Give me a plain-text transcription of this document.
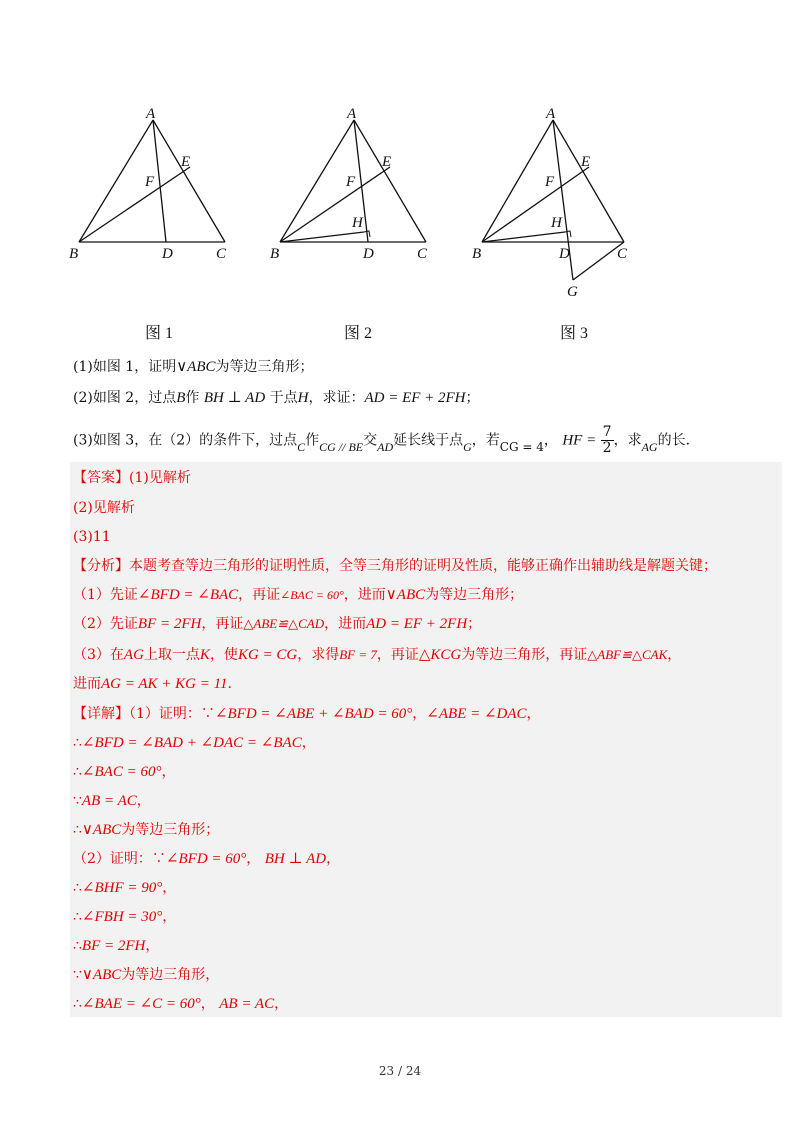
A
B	C
D
E
F
A
B	C
D
E
F
H
A
B	C
D
E
F
H
G
图 1	图 2	图 3
(1)如图 1，证明∨ABC为等边三角形；
(2)如图 2，过点B作 BH ⊥ AD 于点H，求证：AD = EF + 2FH；
(3)如图 3，在（2）的条件下，过点C作CG // BE交AD延长线于点G，若CG = 4， HF = $\frac{7}{2}$ ，求AG的长.
【答案】(1)见解析
(2)见解析
(3)11
【分析】本题考查等边三角形的证明性质，全等三角形的证明及性质，能够正确作出辅助线是解题关键；
（1）先证∠BFD = ∠BAC，再证∠BAC = 60°，进而∨ABC为等边三角形；
（2）先证BF = 2FH，再证△ABE≌△CAD，进而AD = EF + 2FH；
（3）在AG上取一点K，使KG = CG，求得BF = 7，再证△KCG为等边三角形，再证△ABF≌△CAK，
进而AG = AK + KG = 11.
【详解】（1）证明：∵∠BFD = ∠ABE + ∠BAD = 60°，∠ABE = ∠DAC，
∴∠BFD = ∠BAD + ∠DAC = ∠BAC，
∴∠BAC = 60°，
∵AB = AC，
∴∨ABC为等边三角形；
（2）证明：∵∠BFD = 60°， BH ⊥ AD，
∴∠BHF = 90°，
∴∠FBH = 30°，
∴BF = 2FH，
∵∨ABC为等边三角形，
∴∠BAE = ∠C = 60°， AB = AC，
23 / 24
